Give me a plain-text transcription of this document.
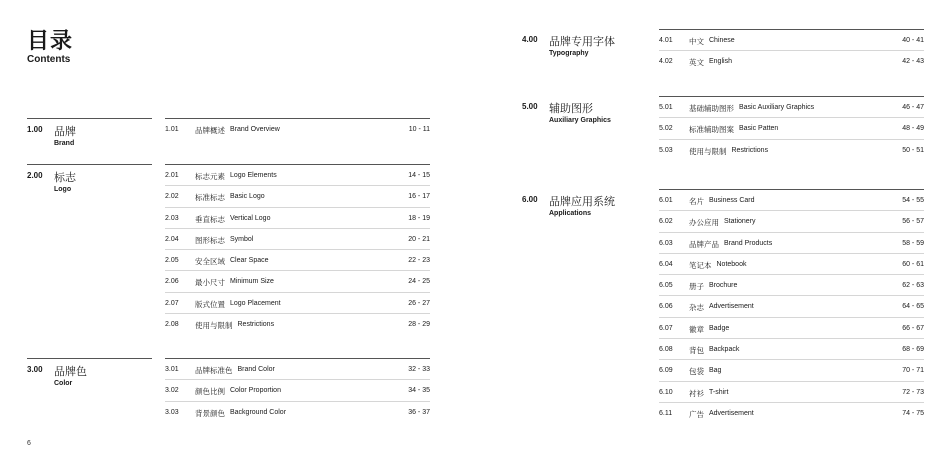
目录
Contents
6
1.00 品牌
Brand
1.01 品牌概述 Brand Overview	10 - 11
2.00 标志
Logo
2.01 标志元素 Logo Elements	14 - 15
2.02 标准标志 Basic Logo	16 - 17
2.03 垂直标志 Vertical Logo	18 - 19
2.04 图形标志 Symbol	20 - 21
2.05 安全区域 Clear Space	22 - 23
2.06 最小尺寸 Minimum Size	24 - 25
2.07 版式位置 Logo Placement	26 - 27
2.08 使用与限制 Restrictions	28 - 29
3.00 品牌色
Color
3.01 品牌标准色 Brand Color	32 - 33
3.02 颜色比例 Color Proportion	34 - 35
3.03 背景颜色 Background Color	36 - 37
4.00 品牌专用字体
Typography
4.01 中文 Chinese	40 - 41
4.02 英文 English	42 - 43
5.00 辅助图形
Auxiliary Graphics
5.01 基础辅助图形 Basic Auxiliary Graphics	46 - 47
5.02 标准辅助图案 Basic Patten	48 - 49
5.03 使用与限制 Restrictions	50 - 51
6.00 品牌应用系统
Applications
6.01 名片 Business Card	54 - 55
6.02 办公应用 Stationery	56 - 57
6.03 品牌产品 Brand Products	58 - 59
6.04 笔记本 Notebook	60 - 61
6.05 册子 Brochure	62 - 63
6.06 杂志 Advertisement	64 - 65
6.07 徽章 Badge	66 - 67
6.08 背包 Backpack	68 - 69
6.09 包袋 Bag	70 - 71
6.10 衬衫 T-shirt	72 - 73
6.11 广告 Advertisement	74 - 75
